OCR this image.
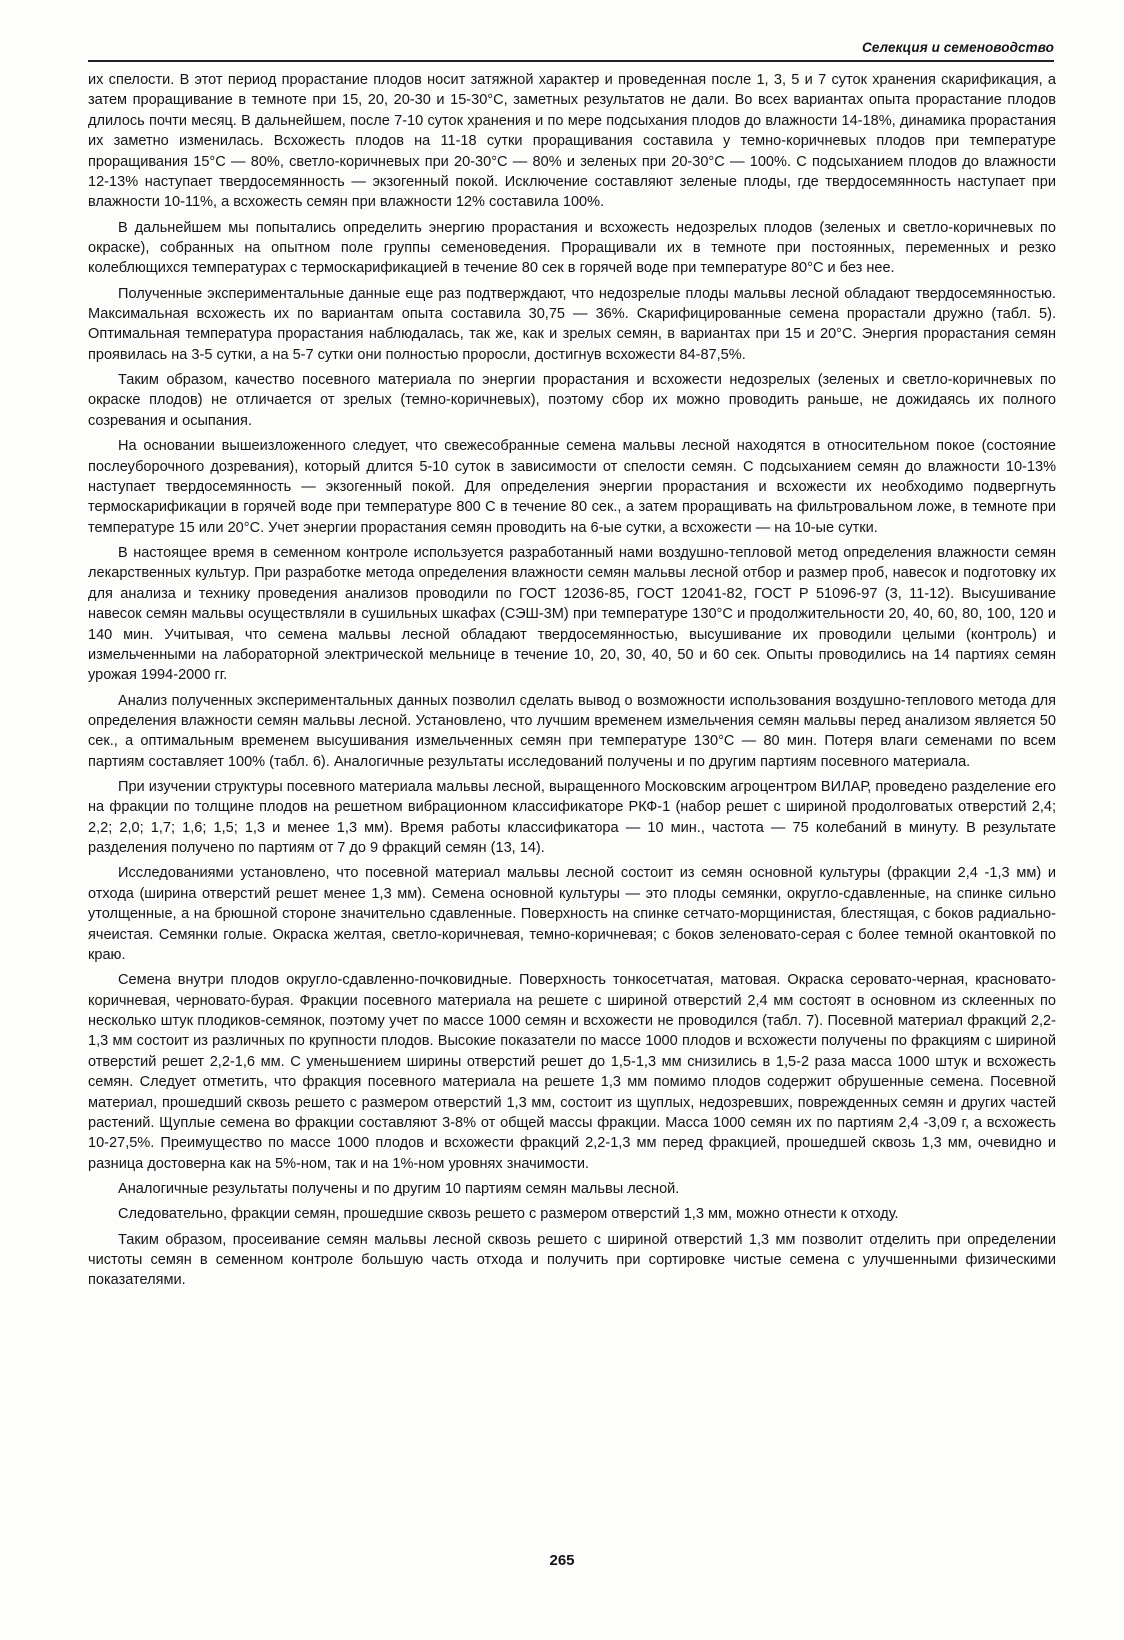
Селекция и семеноводство

их спелости. В этот период прорастание плодов носит затяжной характер и проведенная после 1, 3, 5 и 7 суток хранения скарификация, а затем проращивание в темноте при 15, 20, 20-30 и 15-30°С, заметных результатов не дали. Во всех вариантах опыта прорастание плодов длилось почти месяц. В дальнейшем, после 7-10 суток хранения и по мере подсыхания плодов до влажности 14-18%, динамика прорастания их заметно изменилась. Всхожесть плодов на 11-18 сутки проращивания составила у темно-коричневых плодов при температуре проращивания 15°С — 80%, светло-коричневых при 20-30°С — 80% и зеленых при 20-30°С — 100%. С подсыханием плодов до влажности 12-13% наступает твердосемянность — экзогенный покой. Исключение составляют зеленые плоды, где твердосемянность наступает при влажности 10-11%, а всхожесть семян при влажности 12% составила 100%.

В дальнейшем мы попытались определить энергию прорастания и всхожесть недозрелых плодов (зеленых и светло-коричневых по окраске), собранных на опытном поле группы семеноведения. Проращивали их в темноте при постоянных, переменных и резко колеблющихся температурах с термоскарификацией в течение 80 сек в горячей воде при температуре 80°С и без нее.

Полученные экспериментальные данные еще раз подтверждают, что недозрелые плоды мальвы лесной обладают твердосемянностью. Максимальная всхожесть их по вариантам опыта составила 30,75 — 36%. Скарифицированные семена прорастали дружно (табл. 5). Оптимальная температура прорастания наблюдалась, так же, как и зрелых семян, в вариантах при 15 и 20°С. Энергия прорастания семян проявилась на 3-5 сутки, а на 5-7 сутки они полностью проросли, достигнув всхожести 84-87,5%.

Таким образом, качество посевного материала по энергии прорастания и всхожести недозрелых (зеленых и светло-коричневых по окраске плодов) не отличается от зрелых (темно-коричневых), поэтому сбор их можно проводить раньше, не дожидаясь их полного созревания и осыпания.

На основании вышеизложенного следует, что свежесобранные семена мальвы лесной находятся в относительном покое (состояние послеуборочного дозревания), который длится 5-10 суток в зависимости от спелости семян. С подсыханием семян до влажности 10-13% наступает твердосемянность — экзогенный покой. Для определения энергии прорастания и всхожести их необходимо подвергнуть термоскарификации в горячей воде при температуре 800 С в течение 80 сек., а затем проращивать на фильтровальном ложе, в темноте при температуре 15 или 20°С. Учет энергии прорастания семян проводить на 6-ые сутки, а всхожести — на 10-ые сутки.

В настоящее время в семенном контроле используется разработанный нами воздушно-тепловой метод определения влажности семян лекарственных культур. При разработке метода определения влажности семян мальвы лесной отбор и размер проб, навесок и подготовку их для анализа и технику проведения анализов проводили по ГОСТ 12036-85, ГОСТ 12041-82, ГОСТ Р 51096-97 (3, 11-12). Высушивание навесок семян мальвы осуществляли в сушильных шкафах (СЭШ-3М) при температуре 130°С и продолжительности 20, 40, 60, 80, 100, 120 и 140 мин. Учитывая, что семена мальвы лесной обладают твердосемянностью, высушивание их проводили целыми (контроль) и измельченными на лабораторной электрической мельнице в течение 10, 20, 30, 40, 50 и 60 сек. Опыты проводились на 14 партиях семян урожая 1994-2000 гг.

Анализ полученных экспериментальных данных позволил сделать вывод о возможности использования воздушно-теплового метода для определения влажности семян мальвы лесной. Установлено, что лучшим временем измельчения семян мальвы перед анализом является 50 сек., а оптимальным временем высушивания измельченных семян при температуре 130°С — 80 мин. Потеря влаги семенами по всем партиям составляет 100% (табл. 6). Аналогичные результаты исследований получены и по другим партиям посевного материала.

При изучении структуры посевного материала мальвы лесной, выращенного Московским агроцентром ВИЛАР, проведено разделение его на фракции по толщине плодов на решетном вибрационном классификаторе РКФ-1 (набор решет с шириной продолговатых отверстий 2,4; 2,2; 2,0; 1,7; 1,6; 1,5; 1,3 и менее 1,3 мм). Время работы классификатора — 10 мин., частота — 75 колебаний в минуту. В результате разделения получено по партиям от 7 до 9 фракций семян (13, 14).

Исследованиями установлено, что посевной материал мальвы лесной состоит из семян основной культуры (фракции 2,4 -1,3 мм) и отхода (ширина отверстий решет менее 1,3 мм). Семена основной культуры — это плоды семянки, округло-сдавленные, на спинке сильно утолщенные, а на брюшной стороне значительно сдавленные. Поверхность на спинке сетчато-морщинистая, блестящая, с боков радиально-ячеистая. Семянки голые. Окраска желтая, светло-коричневая, темно-коричневая; с боков зеленовато-серая с более темной окантовкой по краю.

Семена внутри плодов округло-сдавленно-почковидные. Поверхность тонкосетчатая, матовая. Окраска серовато-черная, красновато-коричневая, черновато-бурая. Фракции посевного материала на решете с шириной отверстий 2,4 мм состоят в основном из склеенных по несколько штук плодиков-семянок, поэтому учет по массе 1000 семян и всхожести не проводился (табл. 7). Посевной материал фракций 2,2-1,3 мм состоит из различных по крупности плодов. Высокие показатели по массе 1000 плодов и всхожести получены по фракциям с шириной отверстий решет 2,2-1,6 мм. С уменьшением ширины отверстий решет до 1,5-1,3 мм снизились в 1,5-2 раза масса 1000 штук и всхожесть семян. Следует отметить, что фракция посевного материала на решете 1,3 мм помимо плодов содержит обрушенные семена. Посевной материал, прошедший сквозь решето с размером отверстий 1,3 мм, состоит из щуплых, недозревших, поврежденных семян и других частей растений. Щуплые семена во фракции составляют 3-8% от общей массы фракции. Масса 1000 семян их по партиям 2,4 -3,09 г, а всхожесть 10-27,5%. Преимущество по массе 1000 плодов и всхожести фракций 2,2-1,3 мм перед фракцией, прошедшей сквозь 1,3 мм, очевидно и разница достоверна как на 5%-ном, так и на 1%-ном уровнях значимости.

Аналогичные результаты получены и по другим 10 партиям семян мальвы лесной.

Следовательно, фракции семян, прошедшие сквозь решето с размером отверстий 1,3 мм, можно отнести к отходу.

Таким образом, просеивание семян мальвы лесной сквозь решето с шириной отверстий 1,3 мм позволит отделить при определении чистоты семян в семенном контроле большую часть отхода и получить при сортировке чистые семена с улучшенными физическими показателями.

265
